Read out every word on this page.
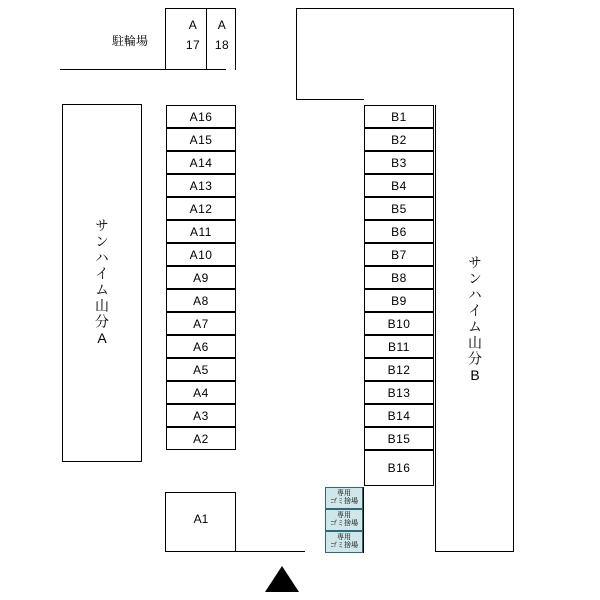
駐輪場
A
17
A
18
サンハイム山分A
A16
A15
A14
A13
A12
A11
A10
A9
A8
A7
A6
A5
A4
A3
A2
A1
サンハイム山分B
B1
B2
B3
B4
B5
B6
B7
B8
B9
B10
B11
B12
B13
B14
B15
B16
専用
ゴミ捨場
専用
ゴミ捨場
専用
ゴミ捨場
